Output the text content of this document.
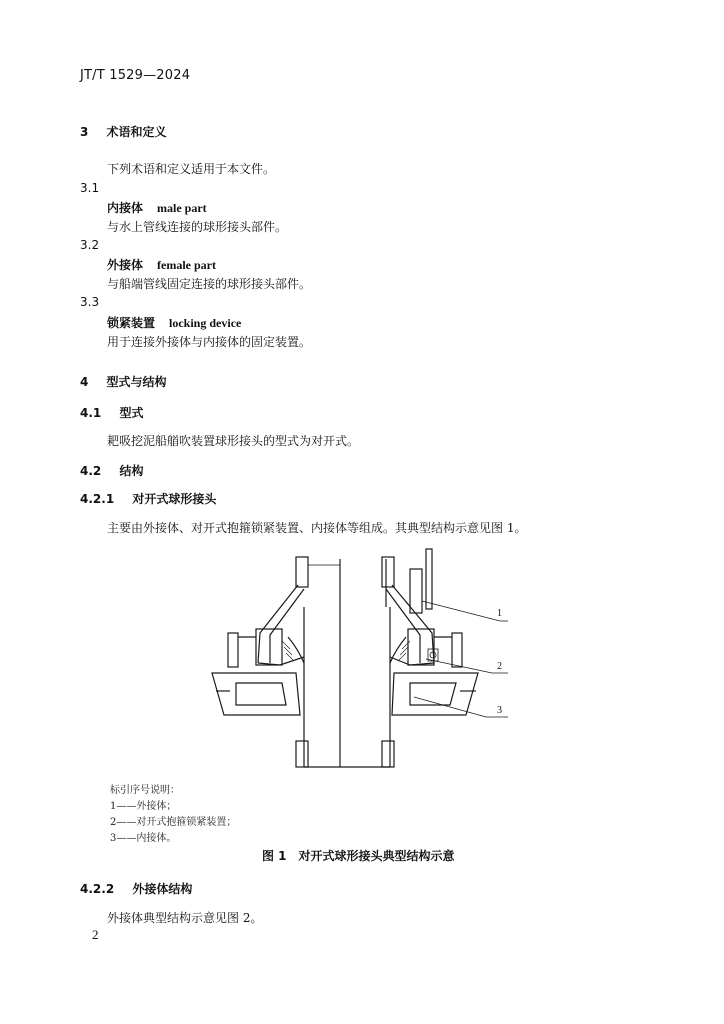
JT/T 1529—2024
3 术语和定义
下列术语和定义适用于本文件。
3.1
内接体 male part
与水上管线连接的球形接头部件。
3.2
外接体 female part
与船端管线固定连接的球形接头部件。
3.3
锁紧装置 locking device
用于连接外接体与内接体的固定装置。
4 型式与结构
4.1 型式
耙吸挖泥船艏吹装置球形接头的型式为对开式。
4.2 结构
4.2.1 对开式球形接头
主要由外接体、对开式抱箍锁紧装置、内接体等组成。其典型结构示意见图 1。
1
2
3
标引序号说明：
1——外接体；
2——对开式抱箍锁紧装置；
3——内接体。
图 1　对开式球形接头典型结构示意
4.2.2 外接体结构
外接体典型结构示意见图 2。
2
